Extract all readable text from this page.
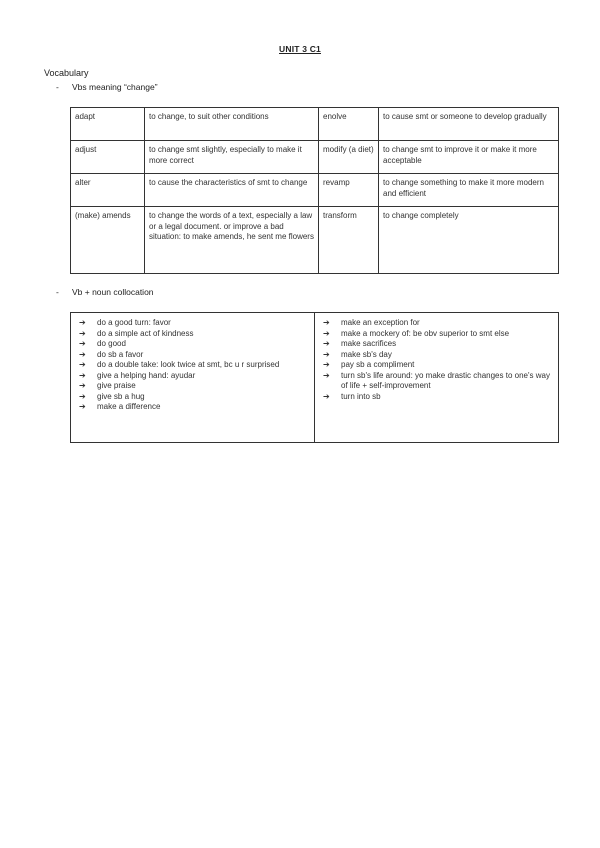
UNIT 3 C1
Vocabulary
- Vbs meaning “change”
adapt	to change, to suit other conditions	enolve	to cause smt or someone to develop gradually
adjust	to change smt slightly, especially to make it more correct	modify (a diet)	to change smt to improve it or make it more acceptable
alter	to cause the characteristics of smt to change	revamp	to change something to make it more modern and efficient
(make) amends	to change the words of a text, especially a law or a legal document. or improve a bad situation: to make amends, he sent me flowers	transform	to change completely
- Vb + noun collocation
➔ do a good turn: favor
➔ do a simple act of kindness
➔ do good
➔ do sb a favor
➔ do a double take: look twice at smt, bc u r surprised
➔ give a helping hand: ayudar
➔ give praise
➔ give sb a hug
➔ make a difference

➔ make an exception for
➔ make a mockery of: be obv superior to smt else
➔ make sacrifices
➔ make sb's day
➔ pay sb a compliment
➔ turn sb's life around: yo make drastic changes to one's way of life + self-improvement
➔ turn into sb
